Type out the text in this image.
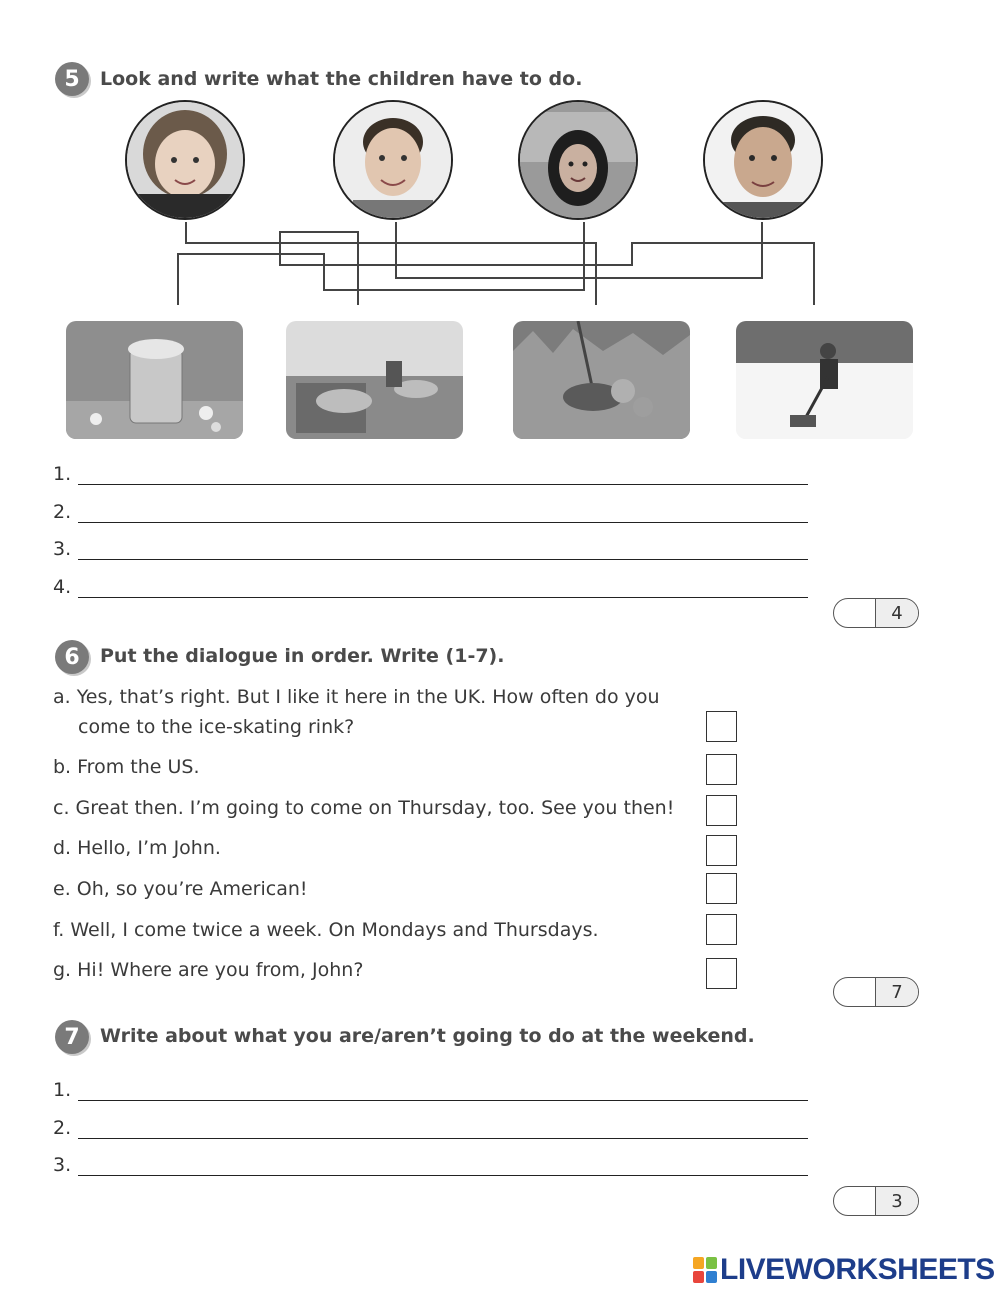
5	Look and write what the children have to do.
1.
2.
3.
4.
4
6	Put the dialogue in order. Write (1-7).
a. Yes, that’s right. But I like it here in the UK. How often do you
come to the ice-skating rink?
b. From the US.
c. Great then. I’m going to come on Thursday, too. See you then!
d. Hello, I’m John.
e. Oh, so you’re American!
f. Well, I come twice a week. On Mondays and Thursdays.
g. Hi! Where are you from, John?
7
7	Write about what you are/aren’t going to do at the weekend.
1.
2.
3.
3
LIVEWORKSHEETS
